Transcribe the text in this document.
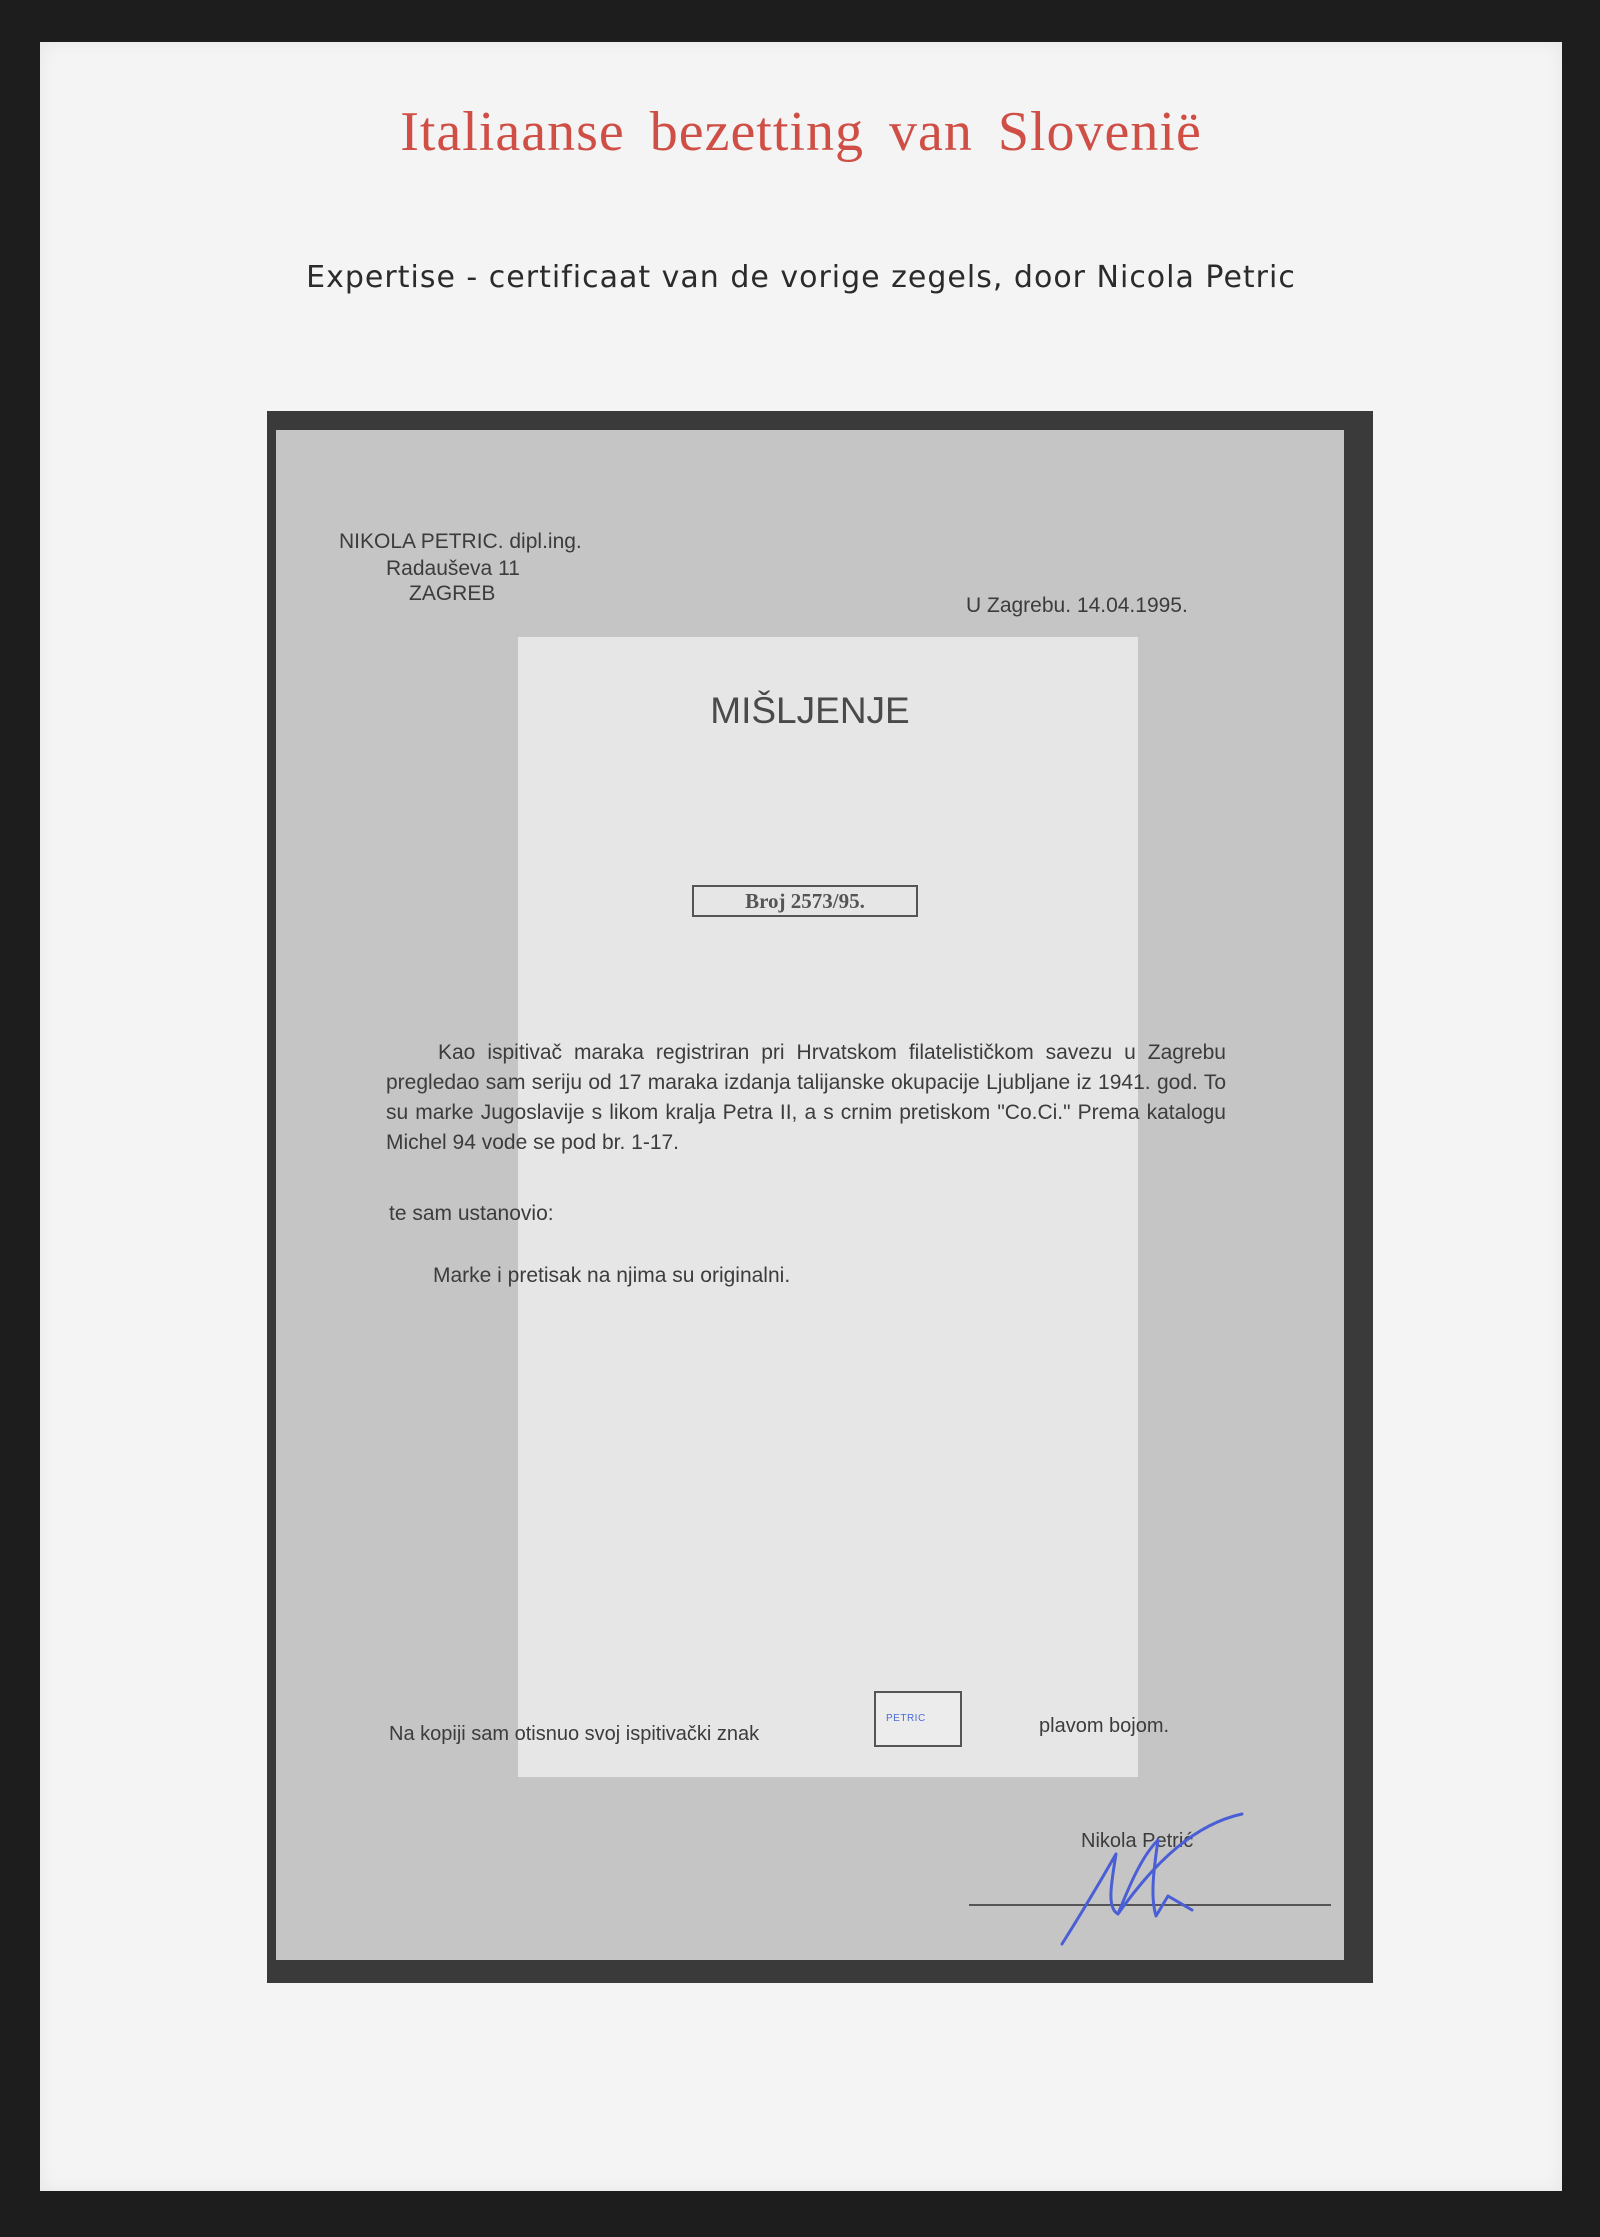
Italiaanse bezetting van Slovenië
Expertise - certificaat van de vorige zegels, door Nicola Petric
NIKOLA PETRIC. dipl.ing.
Radauševa 11
ZAGREB
U Zagrebu. 14.04.1995.
MIŠLJENJE
Broj 2573/95.

Kao ispitivač maraka registriran pri Hrvatskom filatelističkom savezu u Zagrebu pregledao sam seriju od 17 maraka izdanja talijanske okupacije Ljubljane iz 1941. god. To su marke Jugoslavije s likom kralja Petra II, a s crnim pretiskom "Co.Ci." Prema katalogu Michel 94 vode se pod br. 1-17.

te sam ustanovio:

Marke i pretisak na njima su originalni.

Na kopiji sam otisnuo svoj ispitivački znak

PETRIC	plavom bojom.

Nikola Petrić
